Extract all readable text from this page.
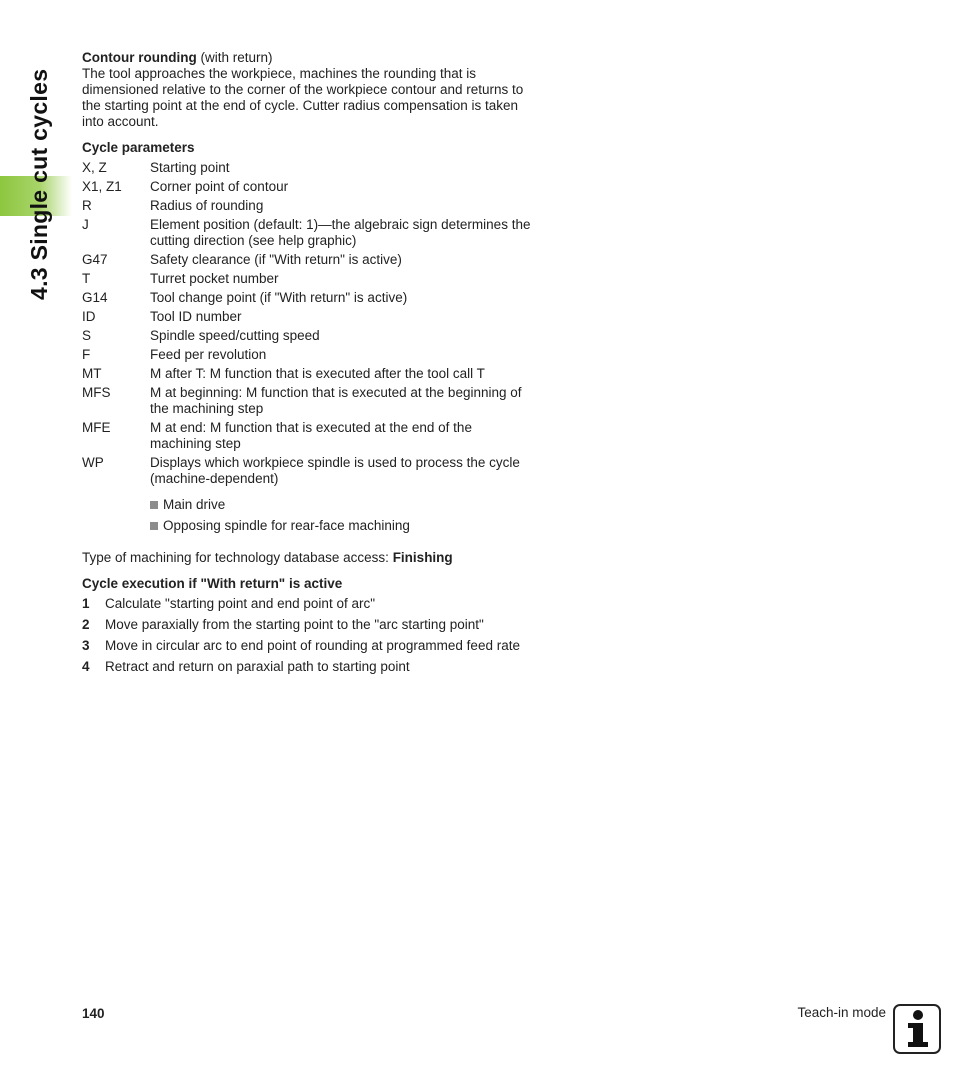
4.3 Single cut cycles

Contour rounding (with return)
The tool approaches the workpiece, machines the rounding that is dimensioned relative to the corner of the workpiece contour and returns to the starting point at the end of cycle. Cutter radius compensation is taken into account.

Cycle parameters
X, Z	Starting point
X1, Z1	Corner point of contour
R	Radius of rounding
J	Element position (default: 1)—the algebraic sign determines the cutting direction (see help graphic)
G47	Safety clearance (if "With return" is active)
T	Turret pocket number
G14	Tool change point (if "With return" is active)
ID	Tool ID number
S	Spindle speed/cutting speed
F	Feed per revolution
MT	M after T: M function that is executed after the tool call T
MFS	M at beginning: M function that is executed at the beginning of the machining step
MFE	M at end: M function that is executed at the end of the machining step
WP	Displays which workpiece spindle is used to process the cycle (machine-dependent)
Main drive
Opposing spindle for rear-face machining
Type of machining for technology database access: Finishing
Cycle execution if "With return" is active
1	Calculate "starting point and end point of arc"
2	Move paraxially from the starting point to the "arc starting point"
3	Move in circular arc to end point of rounding at programmed feed rate
4	Retract and return on paraxial path to starting point
140	Teach-in mode
